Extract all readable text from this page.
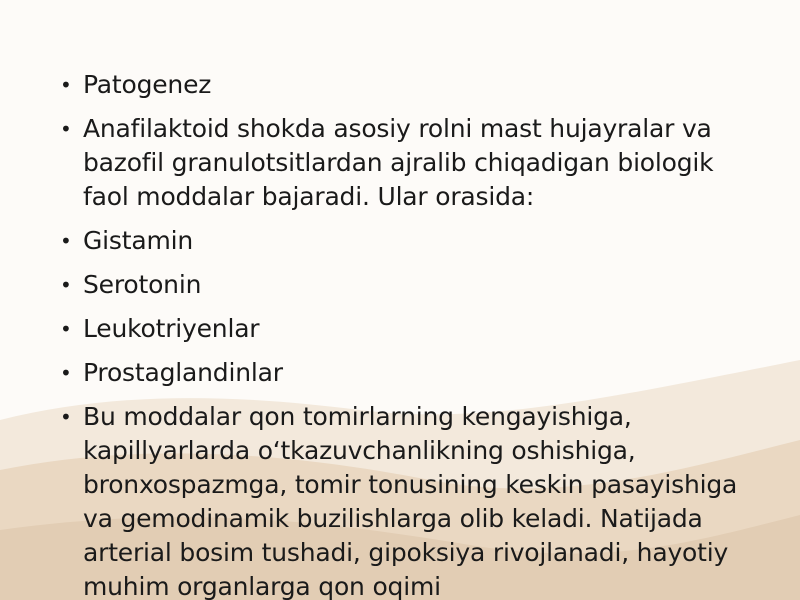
• Patogenez
• Anafilaktoid shokda asosiy rolni mast hujayralar va bazofil granulotsitlardan ajralib chiqadigan biologik faol moddalar bajaradi. Ular orasida:
• Gistamin
• Serotonin
• Leukotriyenlar
• Prostaglandinlar
• Bu moddalar qon tomirlarning kengayishiga, kapillyarlarda o‘tkazuvchanlikning oshishiga, bronxospazmga, tomir tonusining keskin pasayishiga va gemodinamik buzilishlarga olib keladi. Natijada arterial bosim tushadi, gipoksiya rivojlanadi, hayotiy muhim organlarga qon oqimi
